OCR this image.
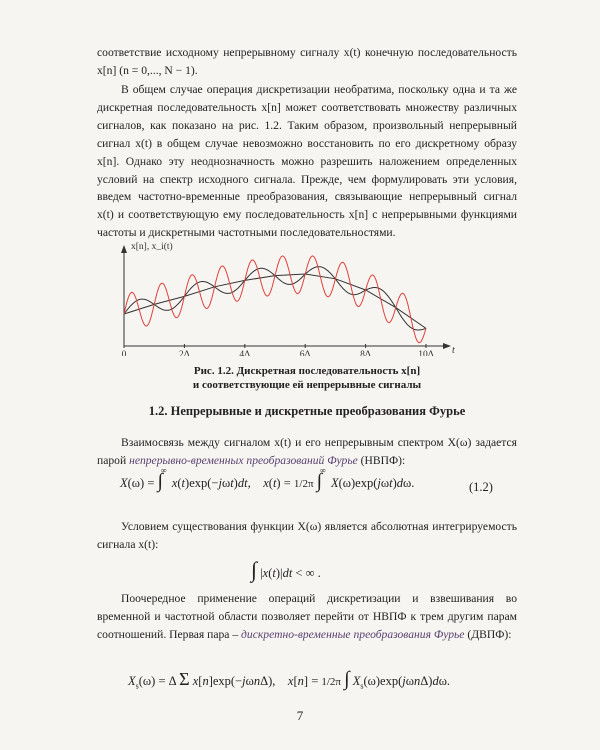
соответствие исходному непрерывному сигналу x(t) конечную последовательность x[n] (n = 0,..., N − 1).

В общем случае операция дискретизации необратима, поскольку одна и та же дискретная последовательность x[n] может соответствовать множеству различных сигналов, как показано на рис. 1.2. Таким образом, произвольный непрерывный сигнал x(t) в общем случае невозможно восстановить по его дискретному образу x[n]. Однако эту неоднозначность можно разрешить наложением определенных условий на спектр исходного сигнала. Прежде, чем формулировать эти условия, введем частотно-временные преобразования, связывающие непрерывный сигнал x(t) и соответствующую ему последовательность x[n] с непрерывными функциями частоты и дискретными частотными последовательностями.

x[n], x_i(t)
t
0	2Δ	4Δ	6Δ	8Δ	10Δ
Рис. 1.2. Дискретная последовательность x[n]
и соответствующие ей непрерывные сигналы
1.2. Непрерывные и дискретные преобразования Фурье

Взаимосвязь между сигналом x(t) и его непрерывным спектром X(ω) задается парой непрерывно-временных преобразований Фурье (НВПФ):

X(ω) = ∫∞ x(t)exp(−jωt)dt,    x(t) = 1/2π ∫∞ X(ω)exp(jωt)dω.	(1.2)

Условием существования функции X(ω) является абсолютная интегрируемость сигнала x(t):

∫ |x(t)|dt < ∞ .

Поочередное применение операций дискретизации и взвешивания во временной и частотной области позволяет перейти от НВПФ к трем другим парам соотношений. Первая пара – дискретно-временные преобразования Фурье (ДВПФ):

$X_s(\omega) = \Delta$ Σ x[n]exp(−jωnΔ),    x[n] = 1/2π ∫ $X_s(\omega)\exp(j\omega n\Delta)d\omega$.
7
